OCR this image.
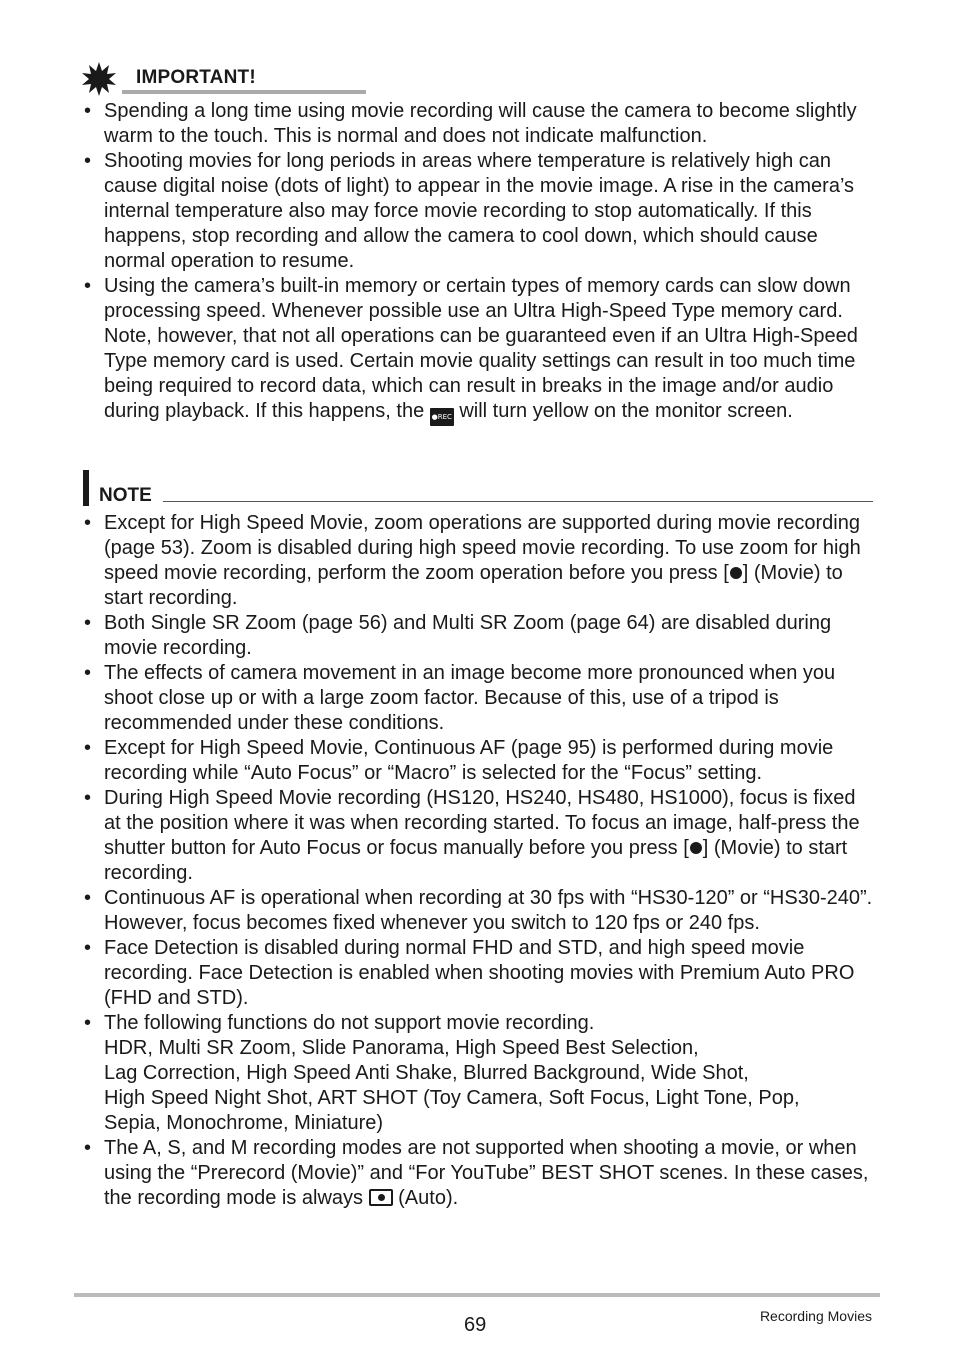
IMPORTANT!
• Spending a long time using movie recording will cause the camera to become slightly warm to the touch. This is normal and does not indicate malfunction.
• Shooting movies for long periods in areas where temperature is relatively high can cause digital noise (dots of light) to appear in the movie image. A rise in the camera’s internal temperature also may force movie recording to stop automatically. If this happens, stop recording and allow the camera to cool down, which should cause normal operation to resume.
• Using the camera’s built-in memory or certain types of memory cards can slow down processing speed. Whenever possible use an Ultra High-Speed Type memory card. Note, however, that not all operations can be guaranteed even if an Ultra High-Speed Type memory card is used. Certain movie quality settings can result in too much time being required to record data, which can result in breaks in the image and/or audio during playback. If this happens, the ●REC will turn yellow on the monitor screen.
NOTE
• Except for High Speed Movie, zoom operations are supported during movie recording (page 53). Zoom is disabled during high speed movie recording. To use zoom for high speed movie recording, perform the zoom operation before you press [ ] (Movie) to start recording.
• Both Single SR Zoom (page 56) and Multi SR Zoom (page 64) are disabled during movie recording.
• The effects of camera movement in an image become more pronounced when you shoot close up or with a large zoom factor. Because of this, use of a tripod is recommended under these conditions.
• Except for High Speed Movie, Continuous AF (page 95) is performed during movie recording while “Auto Focus” or “Macro” is selected for the “Focus” setting.
• During High Speed Movie recording (HS120, HS240, HS480, HS1000), focus is fixed at the position where it was when recording started. To focus an image, half-press the shutter button for Auto Focus or focus manually before you press [ ] (Movie) to start recording.
• Continuous AF is operational when recording at 30 fps with “HS30-120” or “HS30-240”. However, focus becomes fixed whenever you switch to 120 fps or 240 fps.
• Face Detection is disabled during normal FHD and STD, and high speed movie recording. Face Detection is enabled when shooting movies with Premium Auto PRO (FHD and STD).
• The following functions do not support movie recording.
HDR, Multi SR Zoom, Slide Panorama, High Speed Best Selection,
Lag Correction, High Speed Anti Shake, Blurred Background, Wide Shot,
High Speed Night Shot, ART SHOT (Toy Camera, Soft Focus, Light Tone, Pop,
Sepia, Monochrome, Miniature)
• The A, S, and M recording modes are not supported when shooting a movie, or when using the “Prerecord (Movie)” and “For YouTube” BEST SHOT scenes. In these cases, the recording mode is always (Auto).
69	Recording Movies
